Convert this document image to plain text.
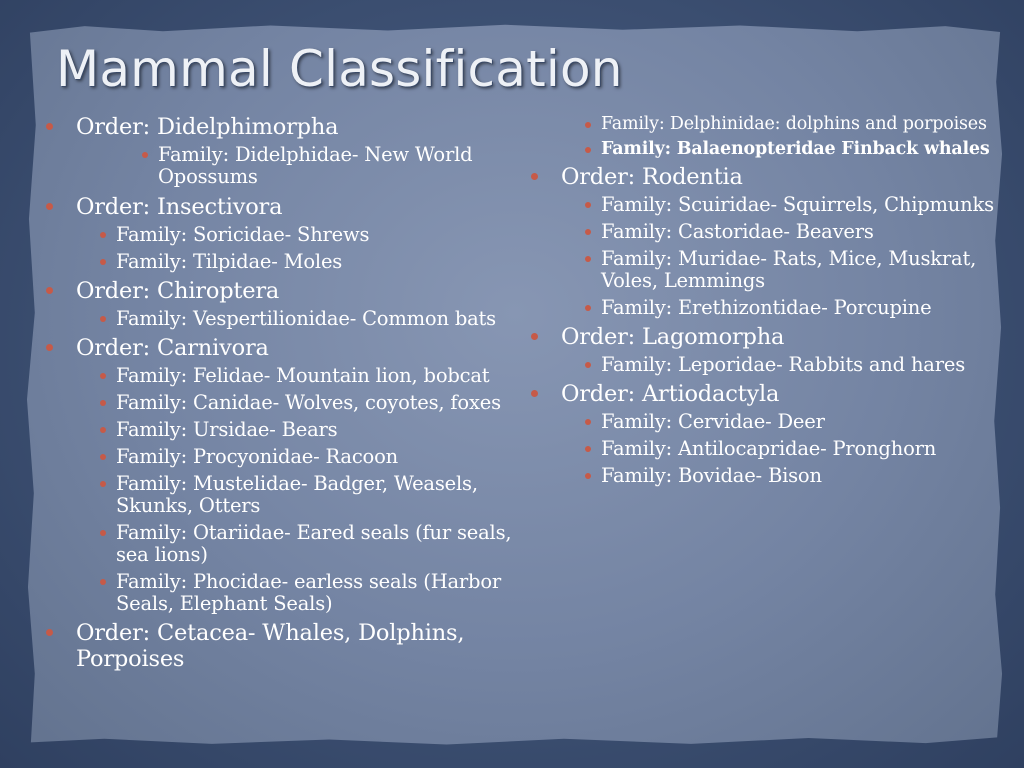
Mammal Classification
Order: Didelphimorpha
Family: Didelphidae- New World Opossums
Order: Insectivora
Family: Soricidae- Shrews
Family: Tilpidae- Moles
Order: Chiroptera
Family: Vespertilionidae- Common bats
Order: Carnivora
Family: Felidae- Mountain lion, bobcat
Family: Canidae- Wolves, coyotes, foxes
Family: Ursidae- Bears
Family: Procyonidae- Racoon
Family: Mustelidae- Badger, Weasels, Skunks, Otters
Family: Otariidae- Eared seals (fur seals, sea lions)
Family: Phocidae- earless seals (Harbor Seals, Elephant Seals)
Order: Cetacea- Whales, Dolphins, Porpoises
Family: Delphinidae: dolphins and porpoises
Family: Balaenopteridae Finback whales
Order: Rodentia
Family: Scuiridae- Squirrels, Chipmunks
Family: Castoridae- Beavers
Family: Muridae- Rats, Mice, Muskrat, Voles, Lemmings
Family: Erethizontidae- Porcupine
Order: Lagomorpha
Family: Leporidae- Rabbits and hares
Order: Artiodactyla
Family: Cervidae- Deer
Family: Antilocapridae- Pronghorn
Family: Bovidae- Bison
